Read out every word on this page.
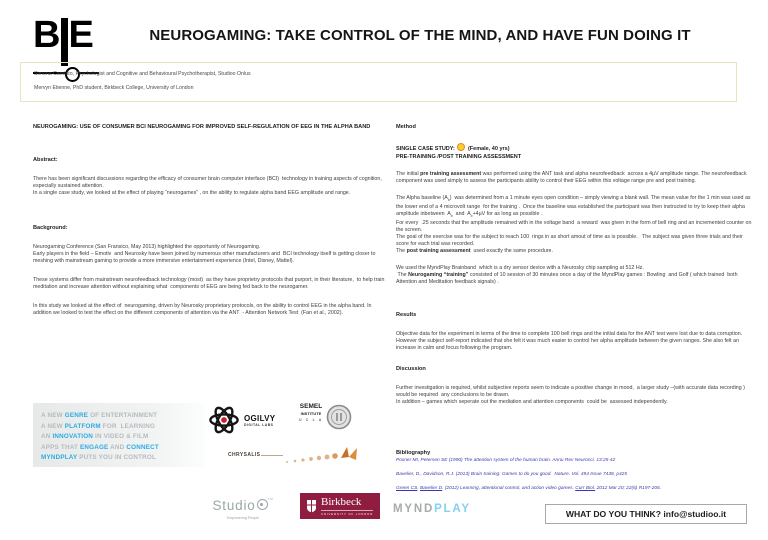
B E	NEUROGAMING: TAKE CONTROL OF THE MIND, AND HAVE FUN DOING IT

Simona Carniato, Psychologist and Cognitive and Behavioural Psychotherapist, Studioo Onlus

Mervyn Etienne, PhD student, Birkbeck College, University of London

NEUROGAMING: USE OF CONSUMER BCI NEUROGAMING FOR IMPROVED SELF-REGULATION OF EEG IN THE ALPHA BAND

Abstract:

There has been significant discussions regarding the efficacy of consumer brain computer interface (BCI)  technology in training aspects of cognition, especially sustained attention.
In a single case study, we looked at the effect of playing “neurogames” , on the ability to regulate alpha band EEG amplitude and range.

Background:

Neurogaming Conference (San Fransico, May 2013) highlighted the opportunity of Neurogaming.
Early players in the field – Emotiv  and Neurosky have been joined by numerous other manufacturers and  BCI technology itself is getting closer to meshing with mainstream gaming to provide a more immersive entertainment experience (Intel, Disney, Mattel).

These systems differ from mainstream neurofeedback technology (most)  as they have proprietry protocols that purport, in their literature,  to help train meditation and increase attention without explaining what  components of EEG are being fed back to the neurogamer.

In this study we looked at the effect of  neurogaming, driven by Neurosky proprietary protocols, on the ability to control EEG in the alpha band. In addition we looked to test the effect on the different components of attention via the ANT  - Attention Network Test  (Fan et al., 2002).

Method

SINGLE CASE STUDY: (Female, 40 yrs)

PRE-TRAINING /POST TRAINING ASSESSMENT

The initial pre training assessment was performed using the ANT task and alpha neurofeedback  across a 4µV amplitude range. The neurofeedback component was used simply to assess the participants ability to control their EEG within this voltage range pre and post training.

The Alpha baseline $(A_b)$  was determined from a 1 minute eyes open condition – simply viewing a blank wall. The mean value for the 1 min was used as the lower end of a 4 microvolt range  for the training .  Once the baseline was established the participant was then instructed to try to keep their alpha amplitude inbetween  $A_b$  and  $A_b+4\mu V$ for as long as possible .
For every  .25 seconds that the amplitude remained with in the voltage band  a reward  was given in the form of bell ring and an incremented counter on the screen.
The goal of the exercise was for the subject to reach 100  rings in as short amout of time as is possible.   The subject was given three trials and their score for each trial was recorded.
The post training assessment  used exactly the same procedure.

We used the MyndPlay Brainband  which is a dry sensor device with a Neurosky chip sampling at 512 Hz.
The Neurogaming “training” consisted of 10 session of 30 minutes once a day of the MyndPlay games : Bowling  and Golf ( which trained  both Attention and Meditation feedback signals) .

Results

Objective data for the experiment in terms of the time to complete 100 bell rings and the initial data for the ANT test were lost due to data corruption. However the subject self-report indicated that she felt it was much easier to control her alpha amplitude between the given ranges. She also felt an increase in calm and focus following the program.

Discussion

Further investigation is required, whilst subjective reports seem to indicate a positive change in mood,  a larger study –(with accurate data recording ) would be required  any conclusions to be drawn.
In addition – games which seperate out the mediation and attention components  could be  assessed independently.

Bibliography

Posner MI, Petersen SE (1990) The attention system of the human brain. Annu Rev Neurosci. 13:25-42

Bavelier, D., Davidson, R.J. (2013) Brain training: Games to do you good.  Nature. Vol. 494 Issue 7438, p425

Green CS, Bavelier D. (2012) Learning, attentional control, and action video games. Curr Biol. 2012 Mar 20; 22(6) R197-206.

A NEW GENRE OF ENTERTAINMENT

A NEW PLATFORM FOR  LEARNING

AN INNOVATION IN VIDEO & FILM

APPS THAT ENGAGE AND CONNECT

MYNDPLAY PUTS YOU IN CONTROL

OGILVY
DIGITAL LABS
SEMEL
INSTITUTE
U C L A
CHRYSALIS
Studio	™
Empowering People
Birkbeck
UNIVERSITY OF LONDON MYNDPLAY	WHAT DO YOU THINK? info@studioo.it
